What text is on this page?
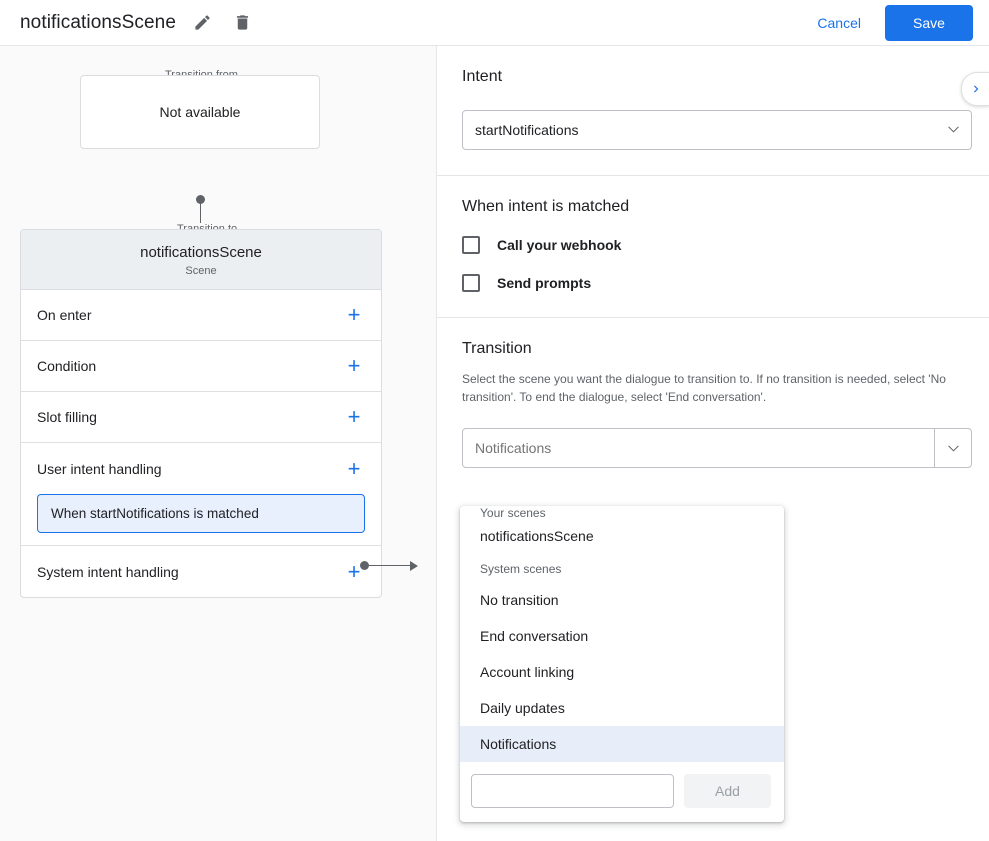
notificationsScene	Cancel	Save
Not available
notificationsScene
Scene
On enter	+
Condition	+
Slot filling	+
User intent handling	+
When startNotifications is matched
System intent handling	+
Intent
startNotifications
When intent is matched
Call your webhook
Send prompts
Transition
Select the scene you want the dialogue to transition to. If no transition is needed, select 'No transition'. To end the dialogue, select 'End conversation'.
Notifications
Your scenes
notificationsScene
System scenes
No transition
End conversation
Account linking
Daily updates
Notifications
Add
